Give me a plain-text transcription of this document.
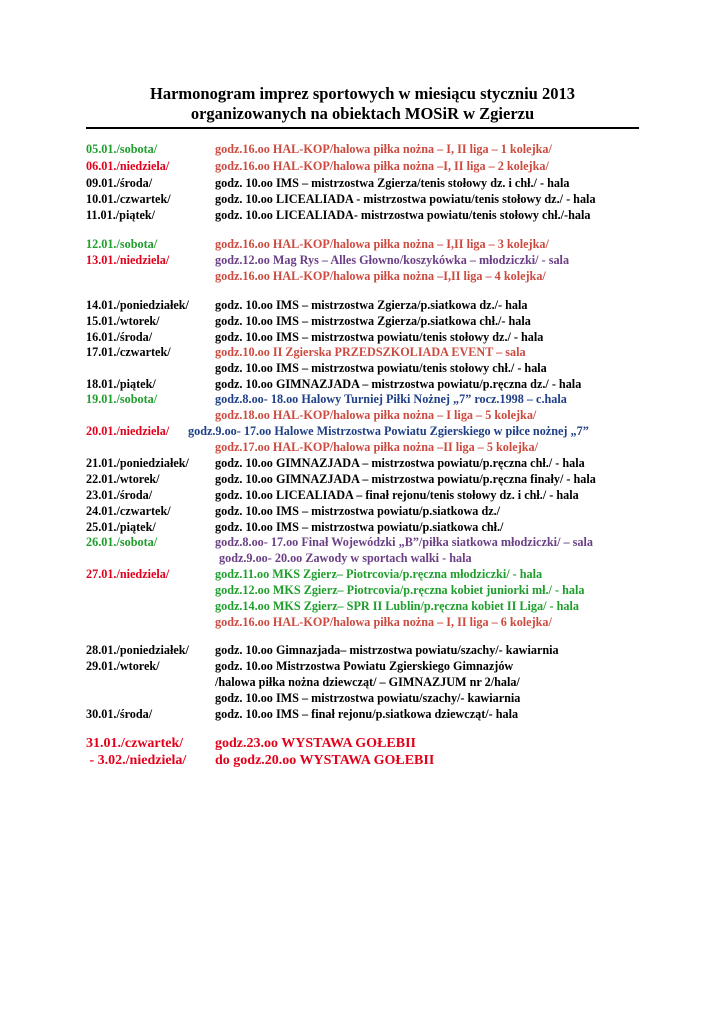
Harmonogram imprez sportowych w miesiącu styczniu 2013
organizowanych na obiektach MOSiR w Zgierzu
05.01./sobota/	godz.16.oo HAL-KOP/halowa piłka nożna – I, II liga – 1 kolejka/
06.01./niedziela/	godz.16.oo HAL-KOP/halowa piłka nożna –I, II liga – 2 kolejka/
09.01./środa/	godz. 10.oo IMS – mistrzostwa Zgierza/tenis stołowy dz. i chł./ - hala
10.01./czwartek/	godz. 10.oo LICEALIADA - mistrzostwa powiatu/tenis stołowy dz./ - hala
11.01./piątek/	godz. 10.oo LICEALIADA- mistrzostwa powiatu/tenis stołowy chł./-hala
12.01./sobota/	godz.16.oo HAL-KOP/halowa piłka nożna – I,II liga – 3 kolejka/
13.01./niedziela/	godz.12.oo Mag Rys – Alles Głowno/koszykówka – młodziczki/ - sala
godz.16.oo HAL-KOP/halowa piłka nożna –I,II liga – 4 kolejka/
14.01./poniedziałek/ godz. 10.oo IMS – mistrzostwa Zgierza/p.siatkowa dz./- hala
15.01./wtorek/	godz. 10.oo IMS – mistrzostwa Zgierza/p.siatkowa chł./- hala
16.01./środa/	godz. 10.oo IMS – mistrzostwa powiatu/tenis stołowy dz./ - hala
17.01./czwartek/	godz.10.oo II Zgierska PRZEDSZKOLIADA EVENT – sala
godz. 10.oo IMS – mistrzostwa powiatu/tenis stołowy chł./ - hala
18.01./piątek/	godz. 10.oo GIMNAZJADA – mistrzostwa powiatu/p.ręczna dz./ - hala
19.01./sobota/	godz.8.oo- 18.oo Halowy Turniej Piłki Nożnej „7” rocz.1998 – c.hala
godz.18.oo HAL-KOP/halowa piłka nożna – I liga – 5 kolejka/
20.01./niedziela/ godz.9.oo- 17.oo Halowe Mistrzostwa Powiatu Zgierskiego w piłce nożnej „7”
godz.17.oo HAL-KOP/halowa piłka nożna –II liga – 5 kolejka/
21.01./poniedziałek/ godz. 10.oo GIMNAZJADA – mistrzostwa powiatu/p.ręczna chł./ - hala
22.01./wtorek/	godz. 10.oo GIMNAZJADA – mistrzostwa powiatu/p.ręczna finały/ - hala
23.01./środa/	godz. 10.oo LICEALIADA – finał rejonu/tenis stołowy dz. i chł./ - hala
24.01./czwartek/	godz. 10.oo IMS – mistrzostwa powiatu/p.siatkowa dz./
25.01./piątek/	godz. 10.oo IMS – mistrzostwa powiatu/p.siatkowa chł./
26.01./sobota/	godz.8.oo- 17.oo Finał Wojewódzki „B”/piłka siatkowa młodziczki/ – sala
godz.9.oo- 20.oo Zawody w sportach walki - hala
27.01./niedziela/	godz.11.oo MKS Zgierz– Piotrcovia/p.ręczna młodziczki/ - hala
godz.12.oo MKS Zgierz– Piotrcovia/p.ręczna kobiet juniorki mł./ - hala
godz.14.oo MKS Zgierz– SPR II Lublin/p.ręczna kobiet II Liga/ - hala
godz.16.oo HAL-KOP/halowa piłka nożna – I, II liga – 6 kolejka/
28.01./poniedziałek/ godz. 10.oo Gimnazjada– mistrzostwa powiatu/szachy/- kawiarnia
29.01./wtorek/	godz. 10.oo Mistrzostwa Powiatu Zgierskiego Gimnazjów
/halowa piłka nożna dziewcząt/ – GIMNAZJUM nr 2/hala/
godz. 10.oo IMS – mistrzostwa powiatu/szachy/- kawiarnia
30.01./środa/	godz. 10.oo IMS – finał rejonu/p.siatkowa dziewcząt/- hala
31.01./czwartek/ godz.23.oo WYSTAWA GOŁEBII
- 3.02./niedziela/ do godz.20.oo WYSTAWA GOŁEBII
